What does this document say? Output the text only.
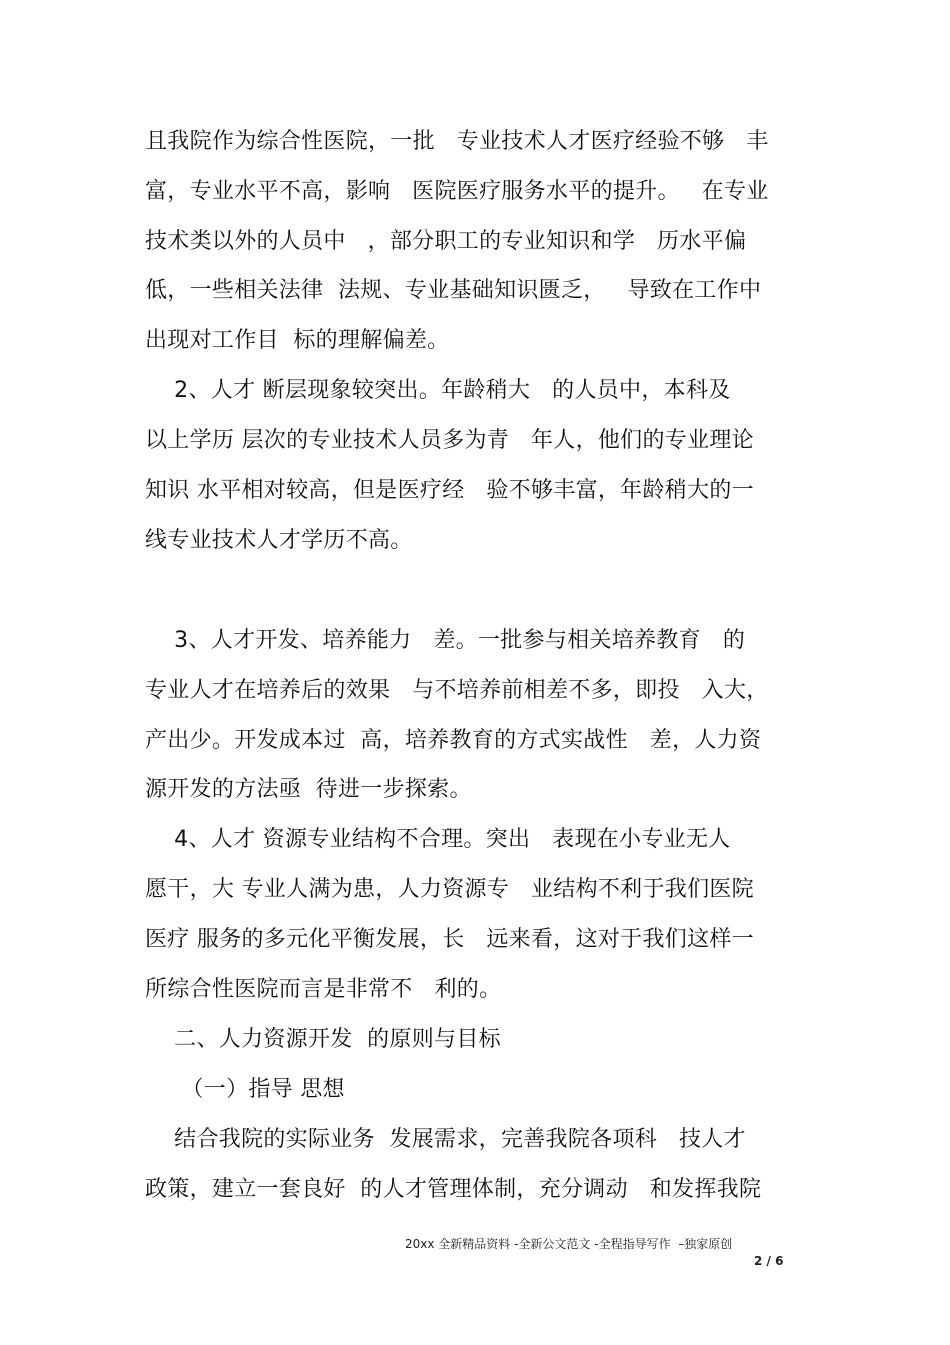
且我院作为综合性医院，一批   专业技术人才医疗经验不够   丰
富，专业水平不高，影响   医院医疗服务水平的提升。   在专业
技术类以外的人员中   ，部分职工的专业知识和学   历水平偏
低，一些相关法律  法规、专业基础知识匮乏，   导致在工作中
出现对工作目  标的理解偏差。
2、人才 断层现象较突出。年龄稍大   的人员中，本科及
以上学历 层次的专业技术人员多为青   年人，他们的专业理论
知识 水平相对较高，但是医疗经   验不够丰富，年龄稍大的一
线专业技术人才学历不高。
3、人才开发、培养能力   差。一批参与相关培养教育   的
专业人才在培养后的效果   与不培养前相差不多，即投   入大，
产出少。开发成本过  高，培养教育的方式实战性   差，人力资
源开发的方法亟  待进一步探索。
4、人才 资源专业结构不合理。突出   表现在小专业无人
愿干，大 专业人满为患，人力资源专   业结构不利于我们医院
医疗 服务的多元化平衡发展，长   远来看，这对于我们这样一
所综合性医院而言是非常不   利的。
二、人力资源开发  的原则与目标
（一）指导 思想
结合我院的实际业务  发展需求，完善我院各项科   技人才
政策，建立一套良好  的人才管理体制，充分调动   和发挥我院
20xx 全新精品资料 -全新公文范文 -全程指导写作  –独家原创
2 / 6
